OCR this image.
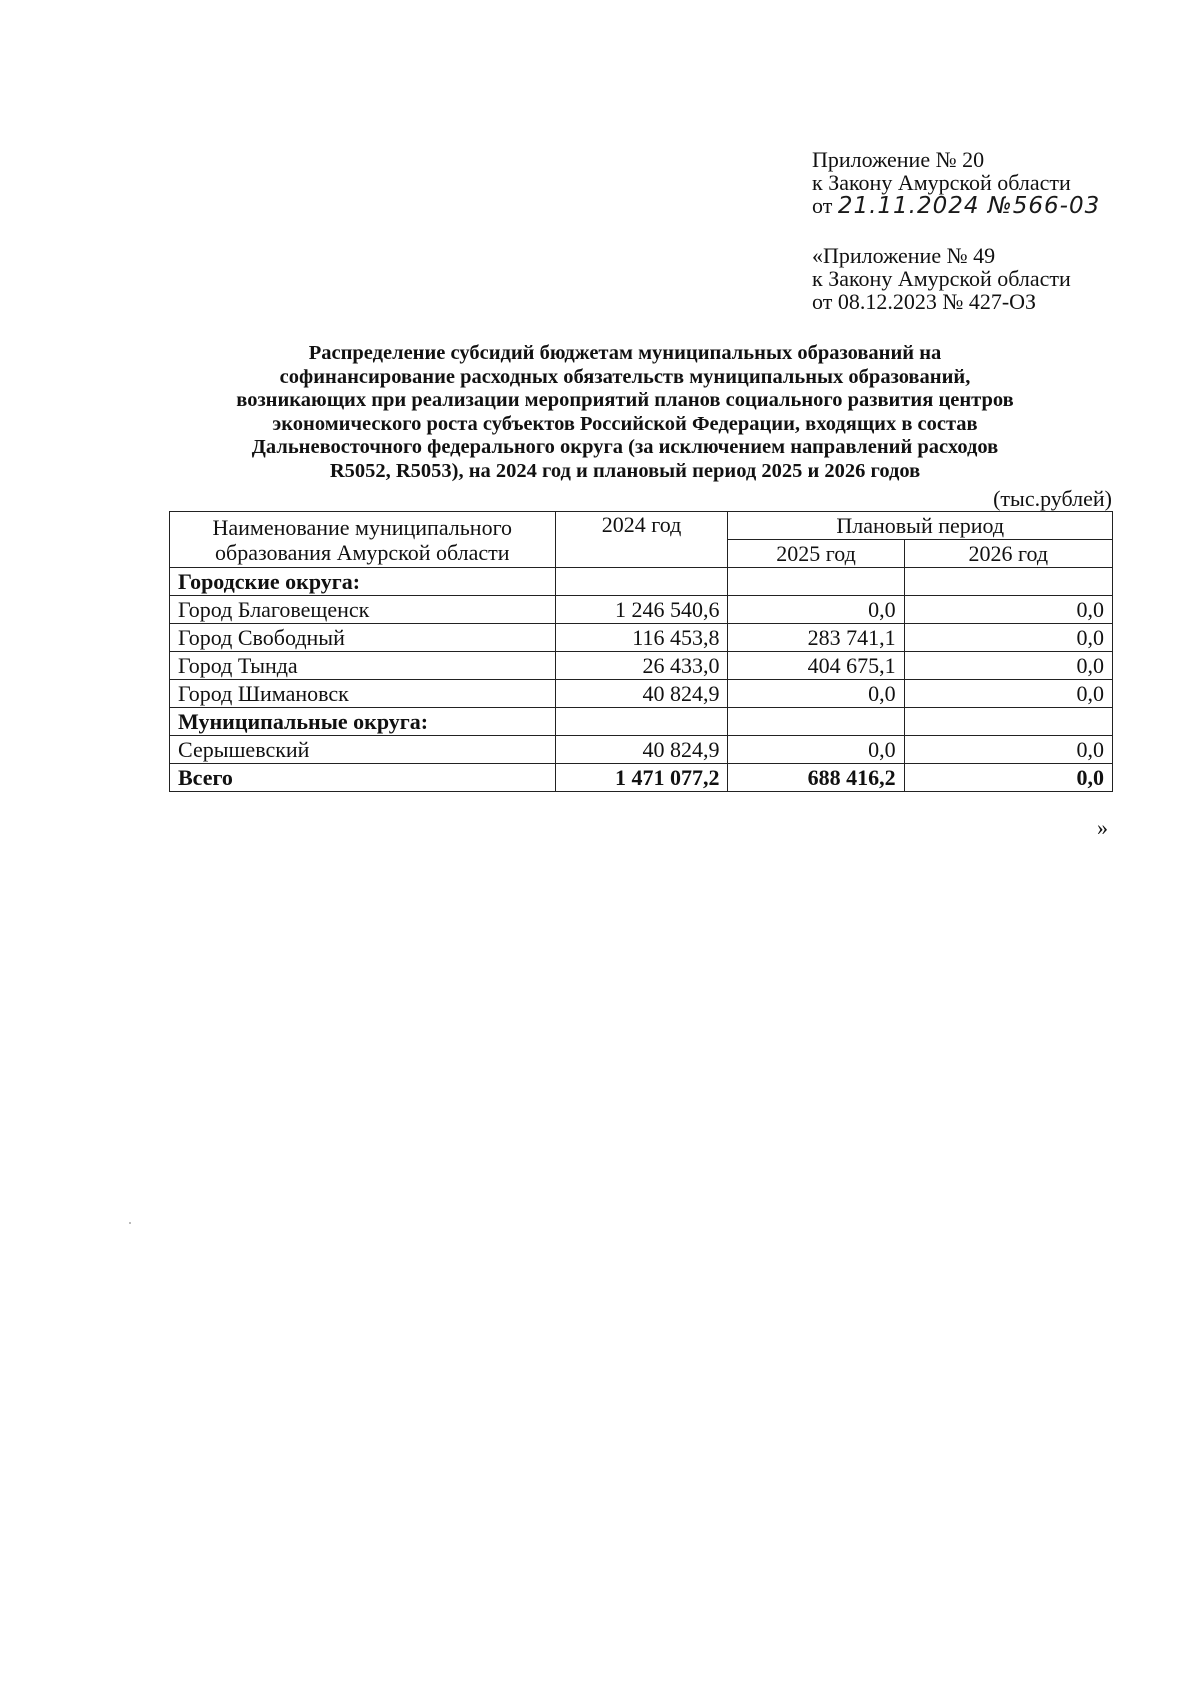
Приложение № 20
к Закону Амурской области
от 21.11.2024 №566-03
«Приложение № 49
к Закону Амурской области
от 08.12.2023 № 427-ОЗ
Распределение субсидий бюджетам муниципальных образований на
софинансирование расходных обязательств муниципальных образований,
возникающих при реализации мероприятий планов социального развития центров
экономического роста субъектов Российской Федерации, входящих в состав
Дальневосточного федерального округа (за исключением направлений расходов
R5052, R5053), на 2024 год и плановый период 2025 и 2026 годов
(тыс.рублей)
Наименование муниципального
образования Амурской области	2024 год	Плановый период	
		2025 год	2026 год
Городские округа:			
Город Благовещенск	1 246 540,6	0,0	0,0
Город Свободный	116 453,8	283 741,1	0,0
Город Тында	26 433,0	404 675,1	0,0
Город Шимановск	40 824,9	0,0	0,0
Муниципальные округа:			
Серышевский	40 824,9	0,0	0,0
Всего	1 471 077,2	688 416,2	0,0
»
